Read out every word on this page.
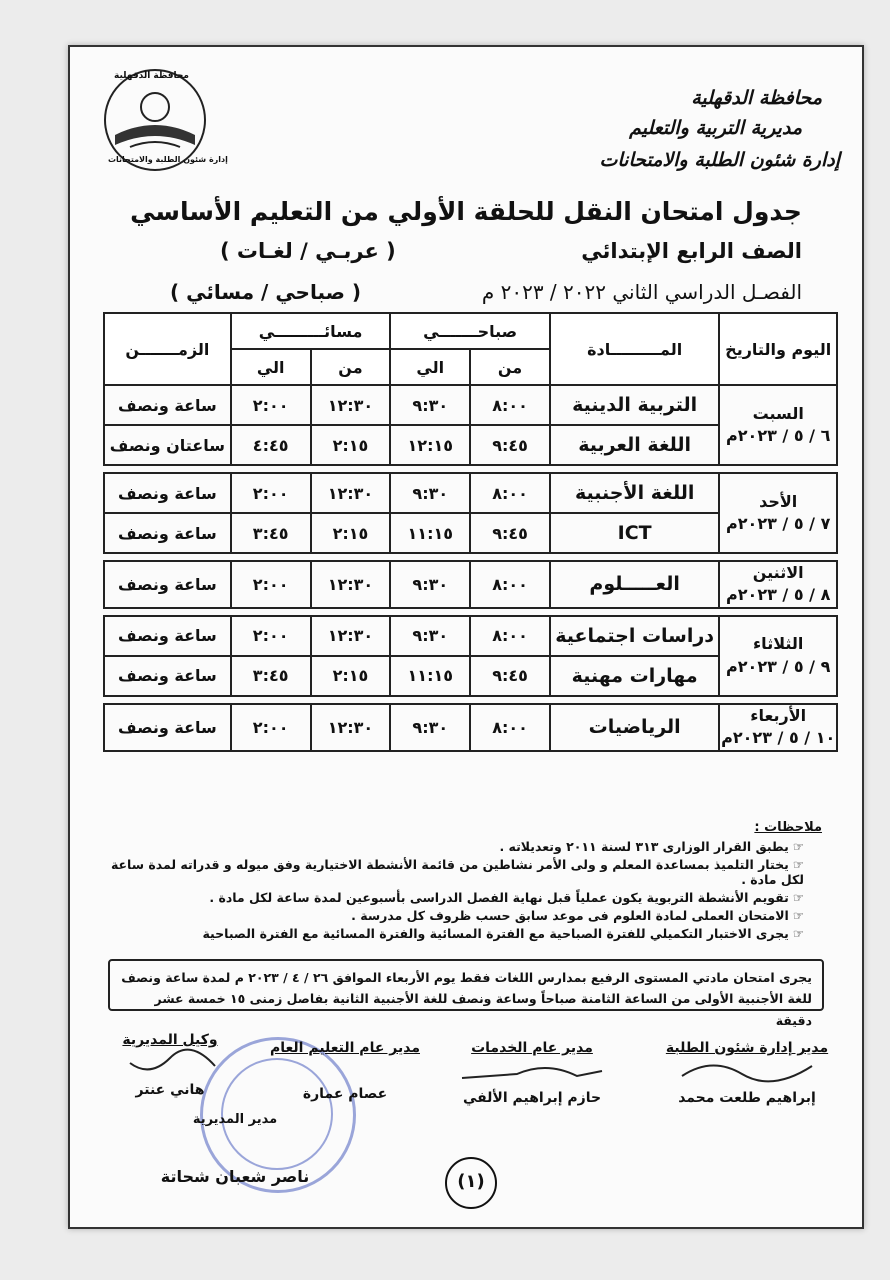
محافظة الدقهلية
إدارة شئون الطلبة والامتحانات
محافظة الدقهلية
مديرية التربية والتعليم
إدارة شئون الطلبة والامتحانات
جدول امتحان النقل للحلقة الأولي من التعليم الأساسي
الصف الرابع الإبتدائي
( عربـي / لغـات )
الفصـل الدراسي الثاني ٢٠٢٢ / ٢٠٢٣ م
( صباحي / مسائي )
اليوم والتاريخ	المـــــــــادة	صباحـــــــي		مسائـــــــــي		الزمـــــــن
		من	الي	من	الي	

السبت
٦ / ٥ / ٢٠٢٣م	التربية الدينية	٨:٠٠	٩:٣٠	١٢:٣٠	٢:٠٠	ساعة ونصف
	اللغة العربية	٩:٤٥	١٢:١٥	٢:١٥	٤:٤٥	ساعتان ونصف

الأحد
٧ / ٥ / ٢٠٢٣م	اللغة الأجنبية	٨:٠٠	٩:٣٠	١٢:٣٠	٢:٠٠	ساعة ونصف
	ICT	٩:٤٥	١١:١٥	٢:١٥	٣:٤٥	ساعة ونصف

الاثنين
٨ / ٥ / ٢٠٢٣م	العـــــلوم	٨:٠٠	٩:٣٠	١٢:٣٠	٢:٠٠	ساعة ونصف

الثلاثاء
٩ / ٥ / ٢٠٢٣م	دراسات اجتماعية	٨:٠٠	٩:٣٠	١٢:٣٠	٢:٠٠	ساعة ونصف
	مهارات مهنية	٩:٤٥	١١:١٥	٢:١٥	٣:٤٥	ساعة ونصف

الأربعاء
١٠ / ٥ / ٢٠٢٣م	الرياضيات	٨:٠٠	٩:٣٠	١٢:٣٠	٢:٠٠	ساعة ونصف
ملاحظات :
☞ يطبق القرار الوزارى ٣١٣ لسنة ٢٠١١ وتعديلاته .
☞ يختار التلميذ بمساعدة المعلم و ولى الأمر نشاطين من قائمة الأنشطة الاختيارية وفق ميوله و قدراته لمدة ساعة لكل مادة .
☞ تقويم الأنشطة التربوية يكون عملياً قبل نهاية الفصل الدراسى بأسبوعين لمدة ساعة لكل مادة .
☞ الامتحان العملى لمادة العلوم فى موعد سابق حسب ظروف كل مدرسة .
☞ يجرى الاختبار التكميلي للفترة الصباحية مع الفترة المسائية والفترة المسائية مع الفترة الصباحية
يجرى امتحان مادتي المستوى الرفيع بمدارس اللغات فقط يوم الأربعاء الموافق ٢٦ / ٤ / ٢٠٢٣ م لمدة ساعة ونصف
للغة الأجنبية الأولى من الساعة الثامنة صباحاً وساعة ونصف للغة الأجنبية الثانية بفاصل زمنى ١٥ خمسة عشر دقيقة
مدير إدارة شئون الطلبة
إبراهيم طلعت محمد
مدير عام الخدمات
حازم إبراهيم الألفي
مدير عام التعليم العام
عصام عمارة
وكيل المديرية
هاني عنتر
مدير المديرية
ناصر شعبان شحاتة	(١)
